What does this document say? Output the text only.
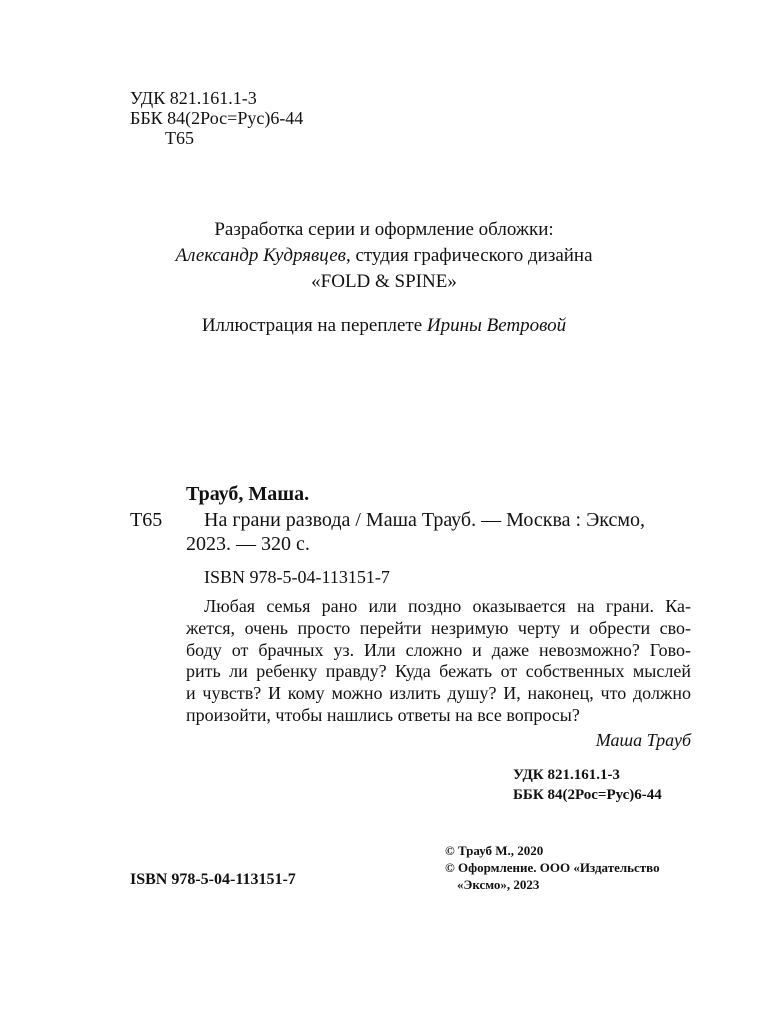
УДК 821.161.1-3
ББК 84(2Рос=Рус)6-44
Т65
Разработка серии и оформление обложки:
Александр Кудрявцев, студия графического дизайна
«FOLD & SPINE»
Иллюстрация на переплете Ирины Ветровой
Трауб, Маша.
Т65 На грани развода / Маша Трауб. — Москва : Эксмо,
2023. — 320 с.
ISBN 978-5-04-113151-7
Любая семья рано или поздно оказывается на грани. Ка-
жется, очень просто перейти незримую черту и обрести сво-
боду от брачных уз. Или сложно и даже невозможно? Гово-
рить ли ребенку правду? Куда бежать от собственных мыслей
и чувств? И кому можно излить душу? И, наконец, что должно
произойти, чтобы нашлись ответы на все вопросы?
Маша Трауб
УДК 821.161.1-3
ББК 84(2Рос=Рус)6-44
ISBN 978-5-04-113151-7
© Трауб М., 2020
© Оформление. ООО «Издательство
«Эксмо», 2023
